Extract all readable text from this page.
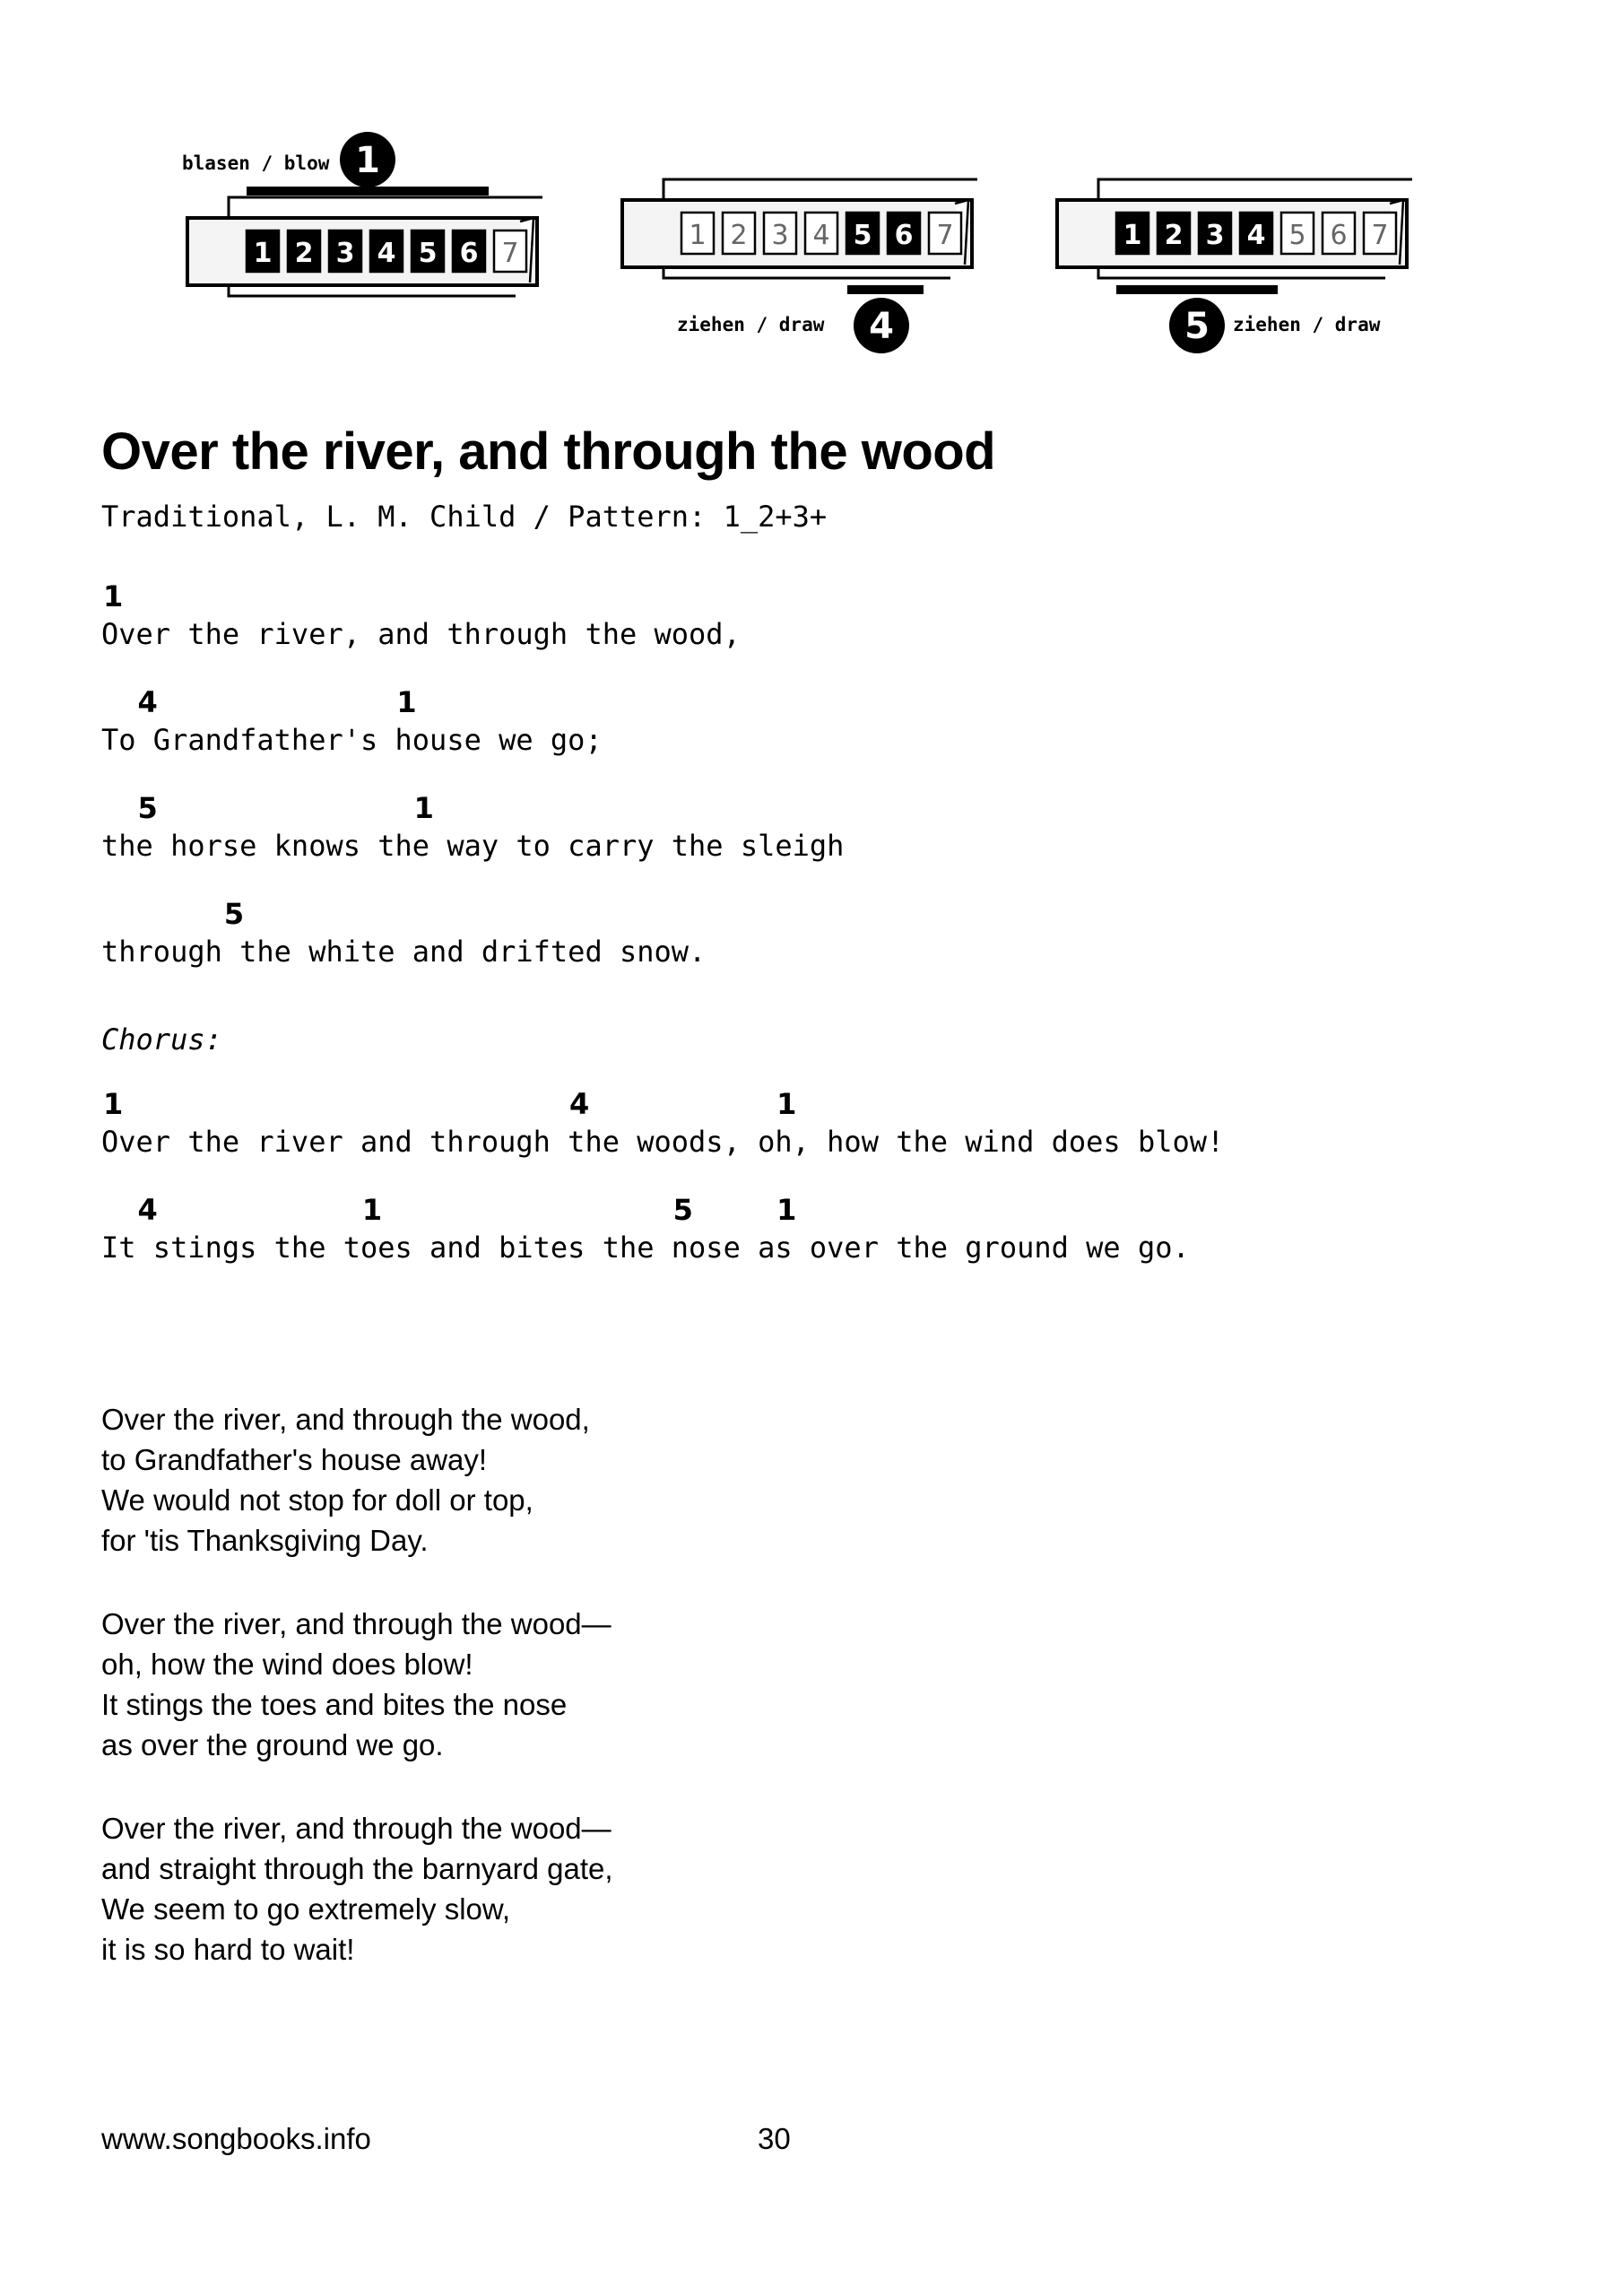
1 2 3 4 5 6 7
1
blasen / blow
1 2 3 4 5 6 7
4
ziehen / draw
1 2 3 4 5 6 7
5 ziehen / draw
Over the river, and through the wood
Traditional, L. M. Child / Pattern: 1_2+3+
1
Over the river, and through the wood,
4	1
To Grandfather's house we go;
5	1
the horse knows the way to carry the sleigh
5
through the white and drifted snow.
Chorus:
1	4	1
Over the river and through the woods, oh, how the wind does blow!
4	1	5	1
It stings the toes and bites the nose as over the ground we go.
Over the river, and through the wood,
to Grandfather's house away!
We would not stop for doll or top,
for 'tis Thanksgiving Day.
Over the river, and through the wood—
oh, how the wind does blow!
It stings the toes and bites the nose
as over the ground we go.
Over the river, and through the wood—
and straight through the barnyard gate,
We seem to go extremely slow,
it is so hard to wait!
www.songbooks.info	30
